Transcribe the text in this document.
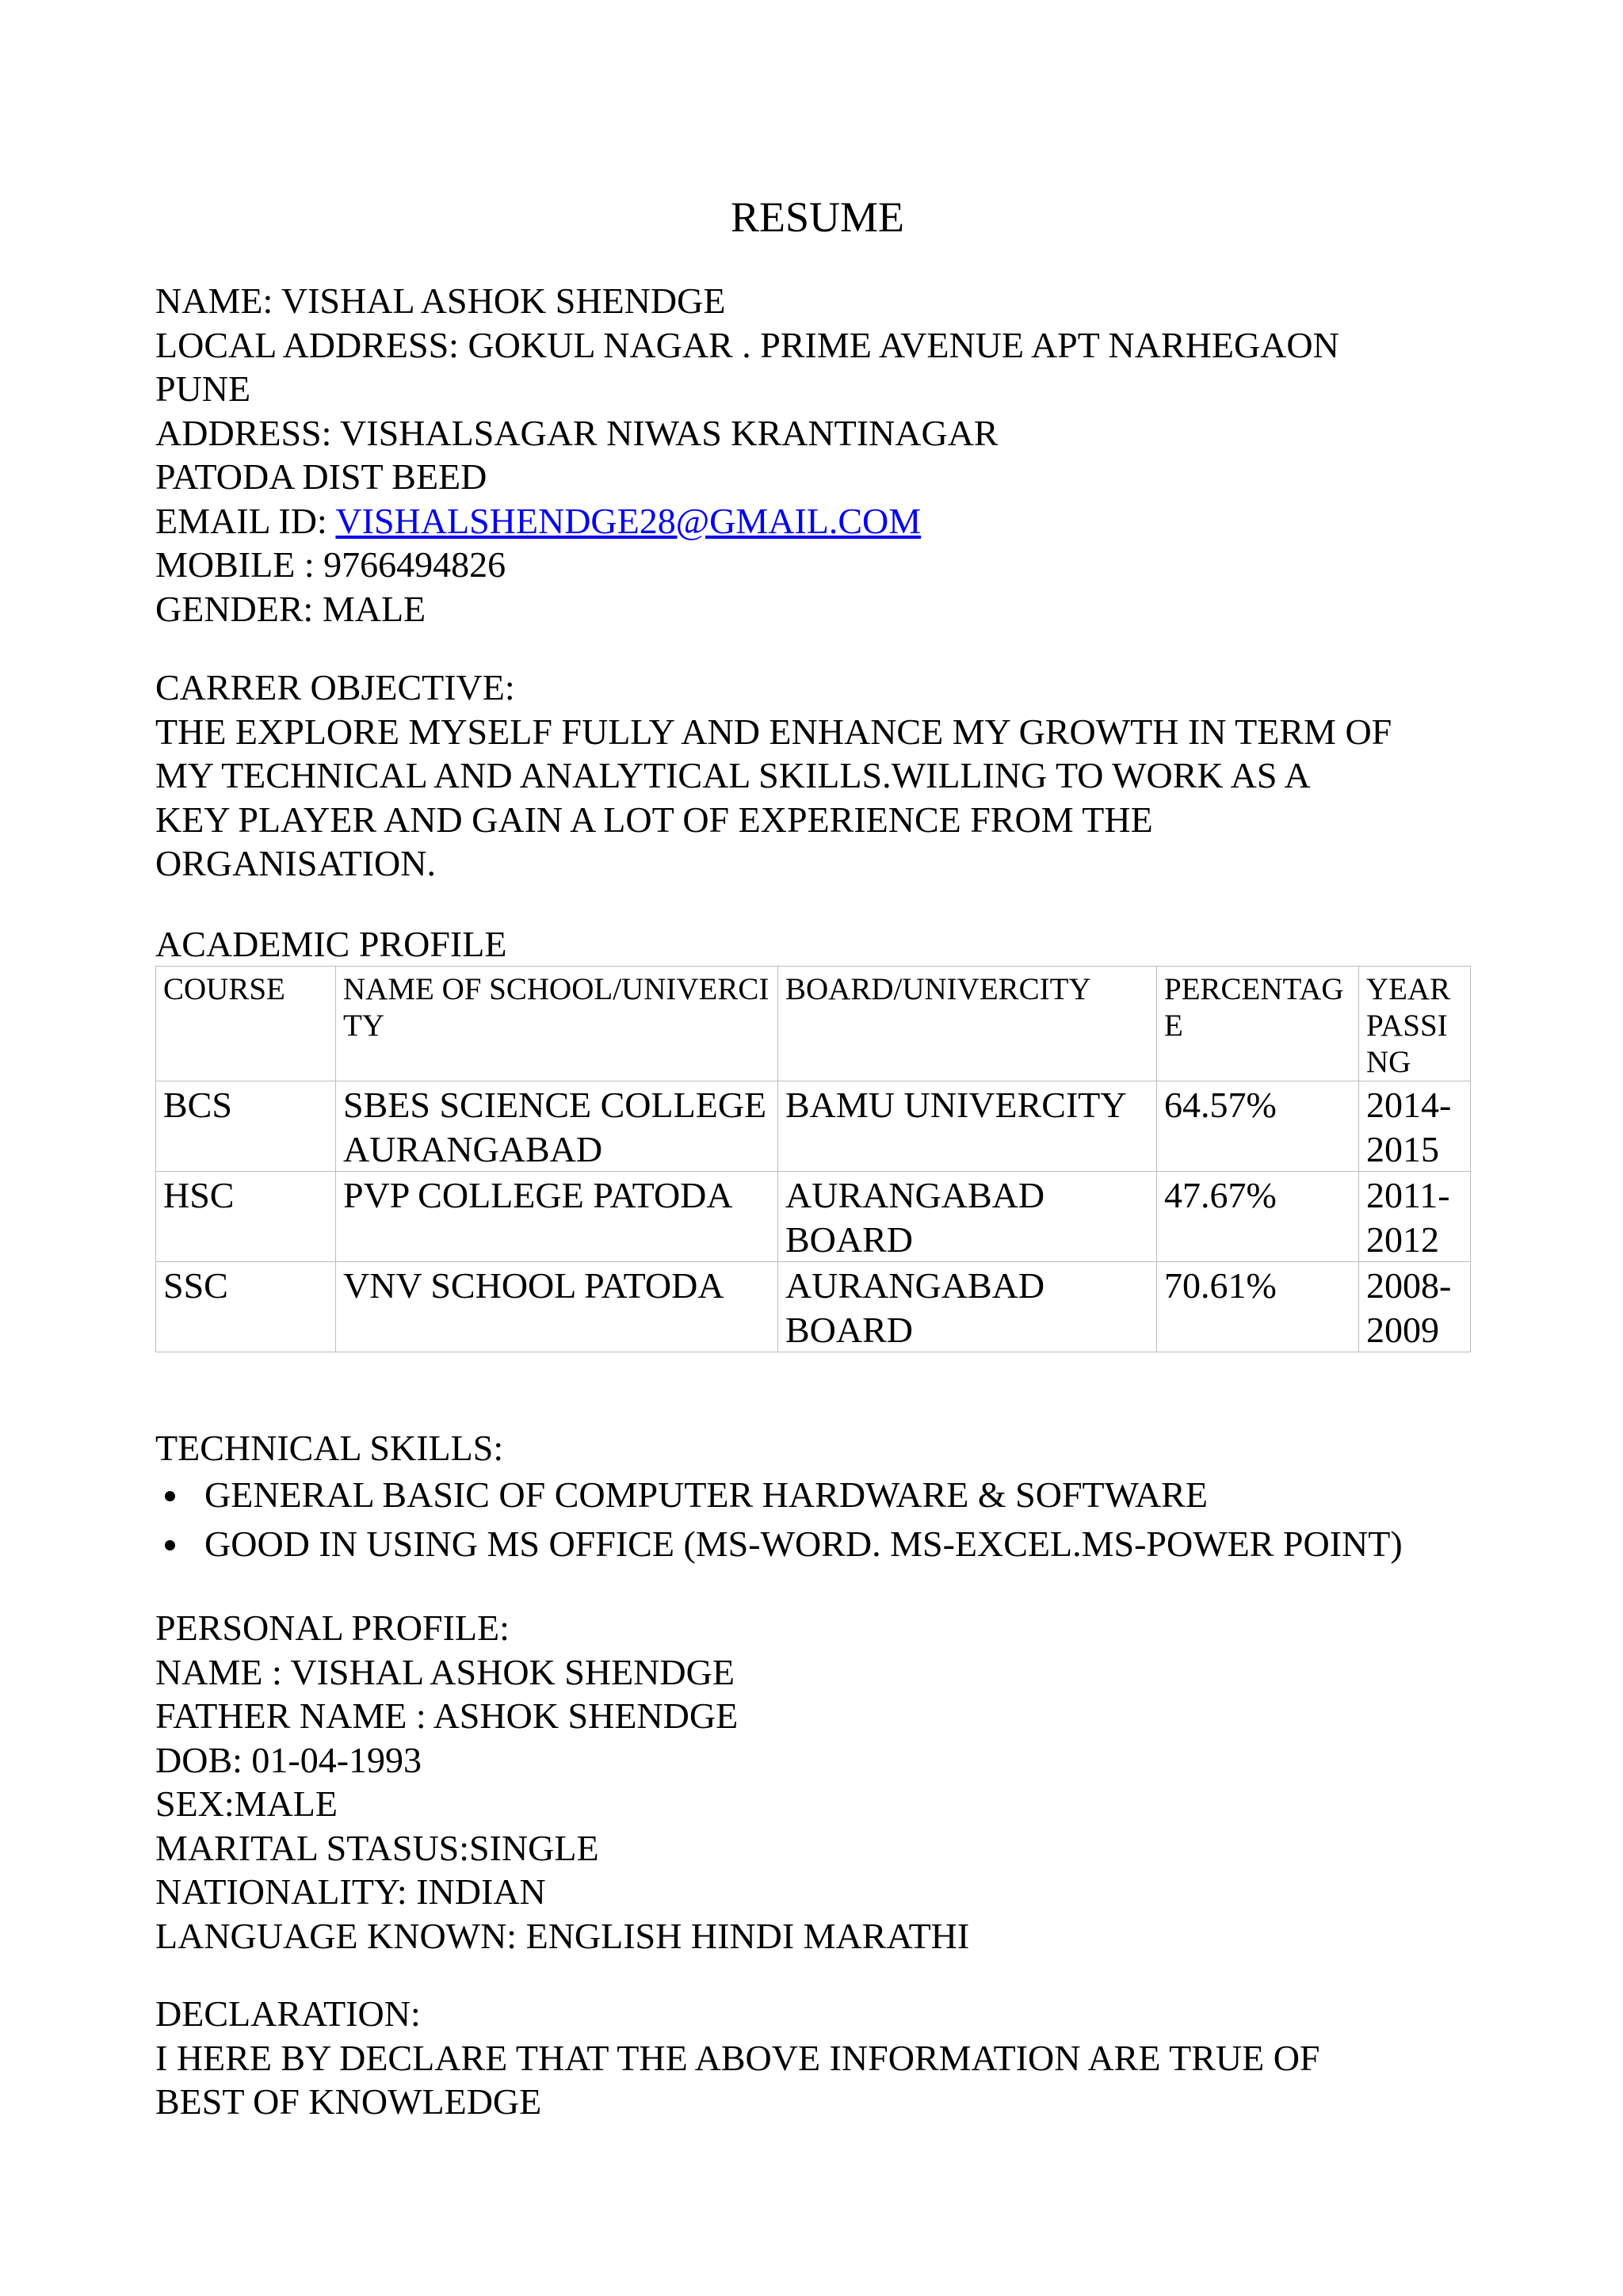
RESUME
NAME: VISHAL ASHOK SHENDGE
LOCAL ADDRESS: GOKUL NAGAR . PRIME AVENUE APT NARHEGAON
PUNE
ADDRESS: VISHALSAGAR NIWAS KRANTINAGAR
PATODA DIST BEED
EMAIL ID: VISHALSHENDGE28@GMAIL.COM
MOBILE : 9766494826
GENDER: MALE
CARRER OBJECTIVE:
THE EXPLORE MYSELF FULLY AND ENHANCE MY GROWTH IN TERM OF
MY TECHNICAL AND ANALYTICAL SKILLS.WILLING TO WORK AS A
KEY PLAYER AND GAIN A LOT OF EXPERIENCE FROM THE
ORGANISATION.
ACADEMIC PROFILE
COURSE	NAME OF SCHOOL/UNIVERCITY	BOARD/UNIVERCITY	PERCENTAGE	YEAR PASSING
BCS	SBES SCIENCE COLLEGE AURANGABAD	BAMU UNIVERCITY	64.57%	2014-2015
HSC	PVP COLLEGE PATODA	AURANGABAD BOARD	47.67%	2011-2012
SSC	VNV SCHOOL PATODA	AURANGABAD BOARD	70.61%	2008-2009
TECHNICAL SKILLS:
GENERAL BASIC OF COMPUTER HARDWARE & SOFTWARE
GOOD IN USING MS OFFICE (MS-WORD. MS-EXCEL.MS-POWER POINT)
PERSONAL PROFILE:
NAME : VISHAL ASHOK SHENDGE
FATHER NAME : ASHOK SHENDGE
DOB: 01-04-1993
SEX:MALE
MARITAL STASUS:SINGLE
NATIONALITY: INDIAN
LANGUAGE KNOWN: ENGLISH HINDI MARATHI
DECLARATION:
I HERE BY DECLARE THAT THE ABOVE INFORMATION ARE TRUE OF
BEST OF KNOWLEDGE
